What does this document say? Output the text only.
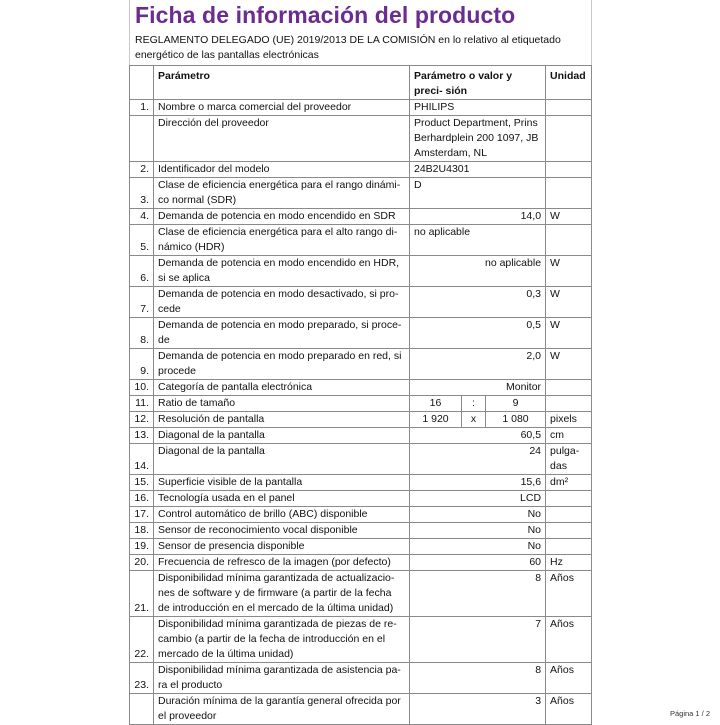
Ficha de información del producto
REGLAMENTO DELEGADO (UE) 2019/2013 DE LA COMISIÓN en lo relativo al etiquetado energético de las pantallas electrónicas
	Parámetro	Parámetro o valor y preci- sión			Unidad
1.	Nombre o marca comercial del proveedor	PHILIPS			
	Dirección del proveedor	Product Department, Prins Berhardplein 200 1097, JB Amsterdam, NL			
2.	Identificador del modelo	24B2U4301			
3.	Clase de eficiencia energética para el rango dinámi- co normal (SDR)	D			
4.	Demanda de potencia en modo encendido en SDR	14,0			W
5.	Clase de eficiencia energética para el alto rango di- námico (HDR)	no aplicable			
6.	Demanda de potencia en modo encendido en HDR, si se aplica	no aplicable			W
7.	Demanda de potencia en modo desactivado, si pro- cede	0,3			W
8.	Demanda de potencia en modo preparado, si proce- de	0,5			W
9.	Demanda de potencia en modo preparado en red, si procede	2,0			W
10.	Categoría de pantalla electrónica	Monitor			
11.	Ratio de tamaño	16	:	9	
12.	Resolución de pantalla	1 920	x	1 080	pixels
13.	Diagonal de la pantalla	60,5			cm
14.	Diagonal de la pantalla	24			pulga- das
15.	Superficie visible de la pantalla	15,6			dm²
16.	Tecnología usada en el panel	LCD			
17.	Control automático de brillo (ABC) disponible	No			
18.	Sensor de reconocimiento vocal disponible	No			
19.	Sensor de presencia disponible	No			
20.	Frecuencia de refresco de la imagen (por defecto)	60			Hz
21.	Disponibilidad mínima garantizada de actualizacio- nes de software y de firmware (a partir de la fecha de introducción en el mercado de la última unidad)	8			Años
22.	Disponibilidad mínima garantizada de piezas de re- cambio (a partir de la fecha de introducción en el mercado de la última unidad)	7			Años
23.	Disponibilidad mínima garantizada de asistencia pa- ra el producto	8			Años
	Duración mínima de la garantía general ofrecida por el proveedor	3			Años
Página 1 / 2
